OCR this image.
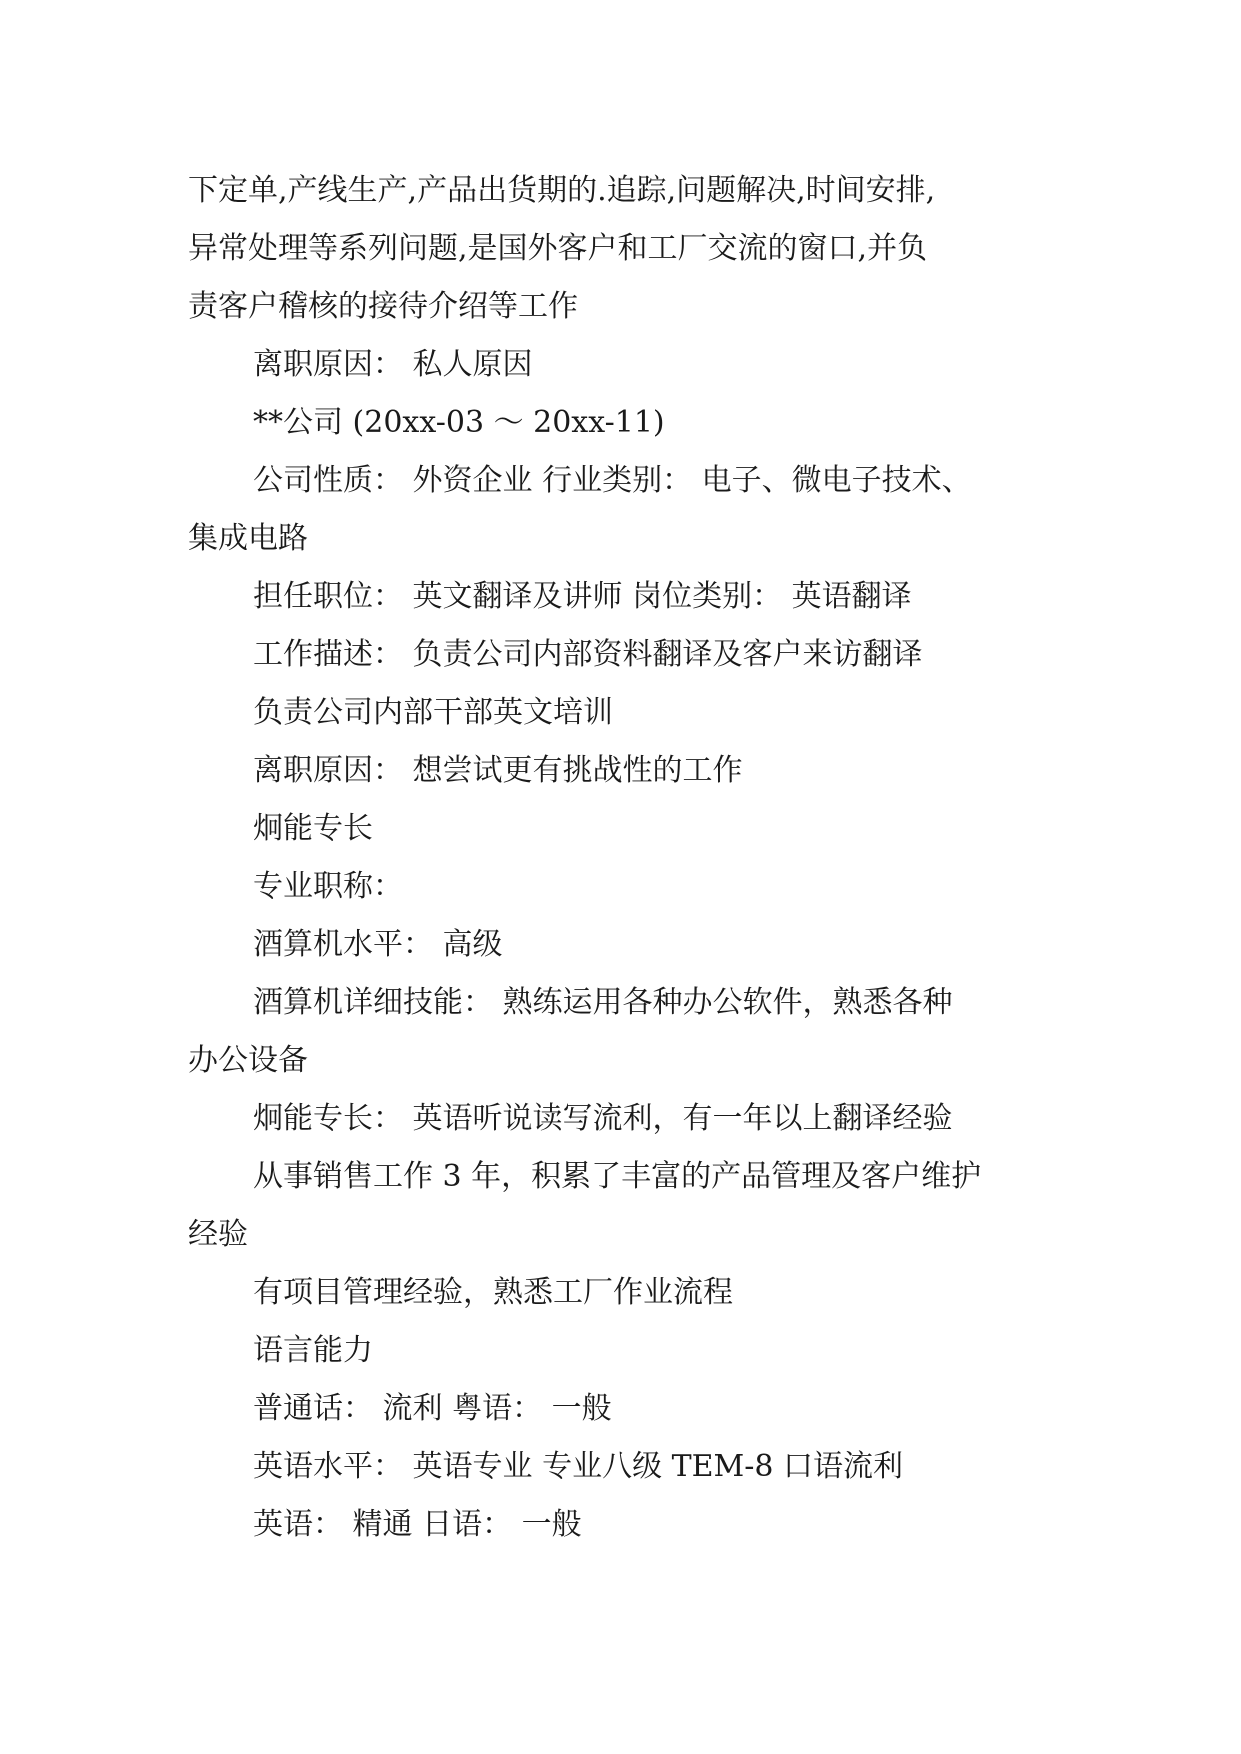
下定单,产线生产,产品出货期的.追踪,问题解决,时间安排,
异常处理等系列问题,是国外客户和工厂交流的窗口,并负
责客户稽核的接待介绍等工作
离职原因： 私人原因
**公司 (20xx-03 ～ 20xx-11)
公司性质： 外资企业 行业类别： 电子、微电子技术、
集成电路
担任职位： 英文翻译及讲师 岗位类别： 英语翻译
工作描述： 负责公司内部资料翻译及客户来访翻译
负责公司内部干部英文培训
离职原因： 想尝试更有挑战性的工作
炯能专长
专业职称：
酒算机水平： 高级
酒算机详细技能： 熟练运用各种办公软件，熟悉各种
办公设备
炯能专长： 英语听说读写流利，有一年以上翻译经验
从事销售工作 3 年，积累了丰富的产品管理及客户维护
经验
有项目管理经验，熟悉工厂作业流程
语言能力
普通话： 流利 粤语： 一般
英语水平： 英语专业 专业八级 TEM-8 口语流利
英语： 精通 日语： 一般
